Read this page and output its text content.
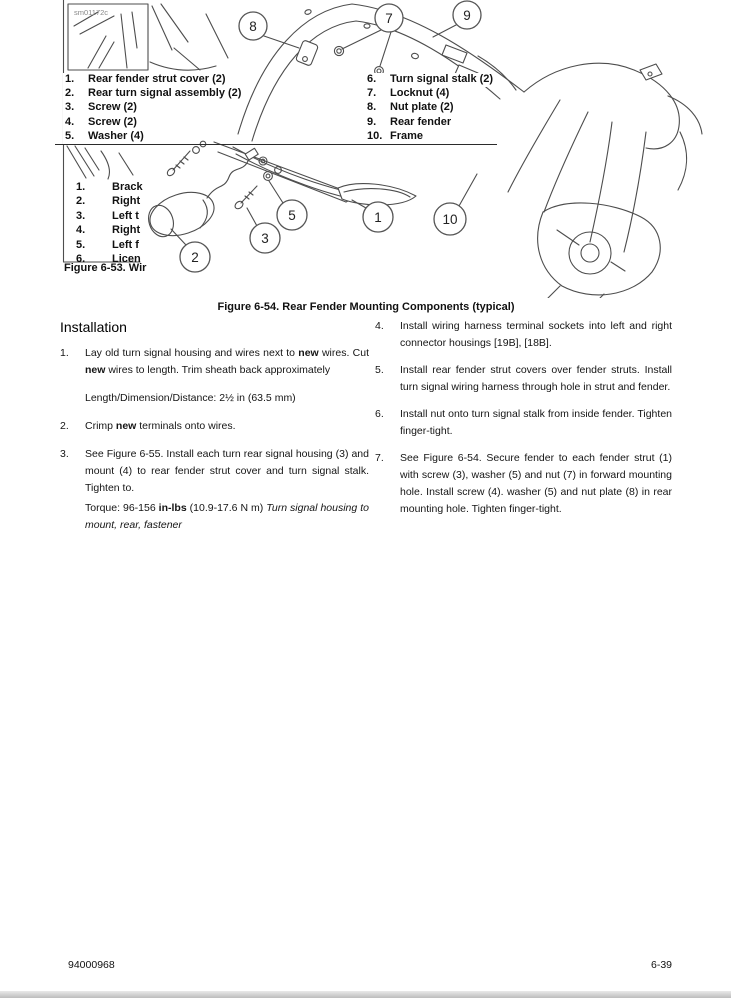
sm01172c
8
7	9
5
3
1
2
10
1.	Rear fender strut cover (2)
2.	Rear turn signal assembly (2)
3.	Screw (2)
4.	Screw (2)
5.	Washer (4)
6.	Turn signal stalk (2)
7.	Locknut (4)
8.	Nut plate (2)
9.	Rear fender
10. Frame
1.	Brack
2.	Right
3.	Left t
4.	Right
5.	Left f
6.	Licen
Figure 6-53. Wir
Figure 6-54. Rear Fender Mounting Components (typical)
Installation
1.	Lay old turn signal housing and wires next to new wires. Cut new wires to length. Trim sheath back approximately
Length/Dimension/Distance: 2½ in (63.5 mm)
2.	Crimp new terminals onto wires.
3.	See Figure 6-55. Install each turn rear signal housing (3) and mount (4) to rear fender strut cover and turn signal stalk. Tighten to.
Torque: 96-156 in-lbs (10.9-17.6 N m) Turn signal housing to mount, rear, fastener
4.	Install wiring harness terminal sockets into left and right connector housings [19B], [18B].
5.	Install rear fender strut covers over fender struts. Install turn signal wiring harness through hole in strut and fender.
6.	Install nut onto turn signal stalk from inside fender. Tighten finger-tight.
7.	See Figure 6-54. Secure fender to each fender strut (1) with screw (3), washer (5) and nut (7) in forward mounting hole. Install screw (4). washer (5) and nut plate (8) in rear mounting hole. Tighten finger-tight.
94000968	6-39
